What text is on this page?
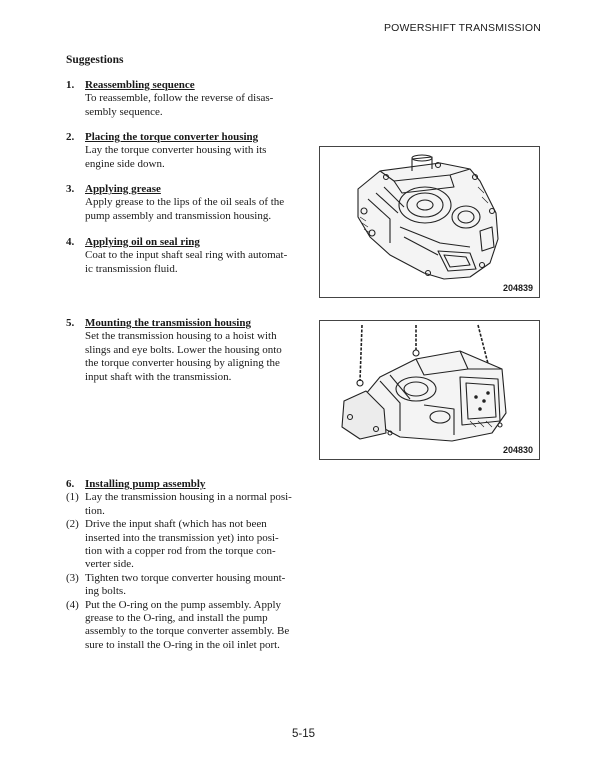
POWERSHIFT TRANSMISSION
Suggestions
1. Reassembling sequence
To reassemble, follow the reverse of disas-
sembly sequence.
2. Placing the torque converter housing
Lay the torque converter housing with its
engine side down.
3. Applying grease
Apply grease to the lips of the oil seals of the
pump assembly and transmission housing.
4. Applying oil on seal ring
Coat to the input shaft seal ring with automat-
ic transmission fluid.
5. Mounting the transmission housing
Set the transmission housing to a hoist with
slings and eye bolts. Lower the housing onto
the torque converter housing by aligning the
input shaft with the transmission.
6. Installing pump assembly
(1) Lay the transmission housing in a normal posi-
tion.
(2) Drive the input shaft (which has not been
inserted into the transmission yet) into posi-
tion with a copper rod from the torque con-
verter side.
(3) Tighten two torque converter housing mount-
ing bolts.
(4) Put the O-ring on the pump assembly. Apply
grease to the O-ring, and install the pump
assembly to the torque converter assembly. Be
sure to install the O-ring in the oil inlet port.
204839
204830
5-15
